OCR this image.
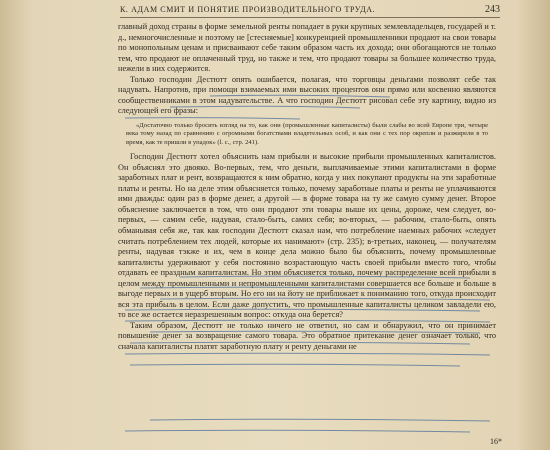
К. АДАМ СМИТ И ПОНЯТИЕ ПРОИЗВОДИТЕЛЬНОГО ТРУДА.	243

главный доход страны в форме земельной ренты попадает в руки крупных землевладельцев, государей и т. д., немногочисленные и поэтому не [стесняемые] конкуренцией промышленники продают на свои товары по монопольным ценам и присваивают себе таким образом часть их дохода; они обогащаются не только тем, что продают не оплаченный труд, но также и тем, что продают товары за большее количество труда, нежели в них содержится.

Только господин Дестютт опять ошибается, полагая, что торговцы деньгами позволят себе так надувать. Напротив, при помощи взимаемых ими высоких процентов они прямо или косвенно являются сообщественниками в этом надувательстве. А что господин Дестютт рисовал себе эту картину, видно из следующей его фразы:

«Достаточно только бросить взгляд на то, как они (промышленные капиталисты) были слабы во всей Европе три, четыре века тому назад по сравнению с огромными богатствами владетельных особ, и как они с тех пор окрепли и разжирели в то время, как те пришли в упадок» (l. c., стр. 241).

Господин Дестютт хотел объяснить нам прибыли и высокие прибыли промышленных капиталистов. Он объяснял это двояко. Во-первых, тем, что деньги, выплачиваемые этими капиталистами в форме заработных плат и рент, возвращаются к ним обратно, когда у них покупают продукты на эти заработные платы и ренты. Но на деле этим объясняется только, почему заработные платы и ренты не уплачиваются ими дважды: один раз в форме денег, а другой — в форме товара на ту же самую сумму денег. Второе объяснение заключается в том, что они продают эти товары выше их цены, дороже, чем следует, во-первых, — самим себе, надувая, стало-быть, самих себя; во-вторых, — рабочим, стало-быть, опять обманывая себя же, так как господин Дестютт сказал нам, что потребление наемных рабочих «следует считать потреблением тех людей, которые их нанимают» (стр. 235); в-третьих, наконец, — получателям ренты, надувая тэкже и их, чем в конце дела можно было бы объяснить, почему промышленные капиталисты удерживают у себя постоянно возрастающую часть своей прибыли вместо того, чтобы отдавать ее праздным капиталистам. Но этим объясняется только, почему распределение всей прибыли в целом между промышленными и непромышленными капиталистами совершается все больше и больше в выгоде первых и в ущерб вторым. Но его ни на йоту не приближает к пониманию того, откуда происходит вся эта прибыль в целом. Если даже допустить, что промышленные капиталисты целиком завладели ею, то все же остается неразрешенным вопрос: откуда она берется?

Таким образом, Дестютт не только ничего не ответил, но сам и обнаружил, что он принимает повышение денег за возвращение самого товара. Это обратное притекание денег означает только, что сначала капиталисты платят заработную плату и ренту деньгами не

16*
